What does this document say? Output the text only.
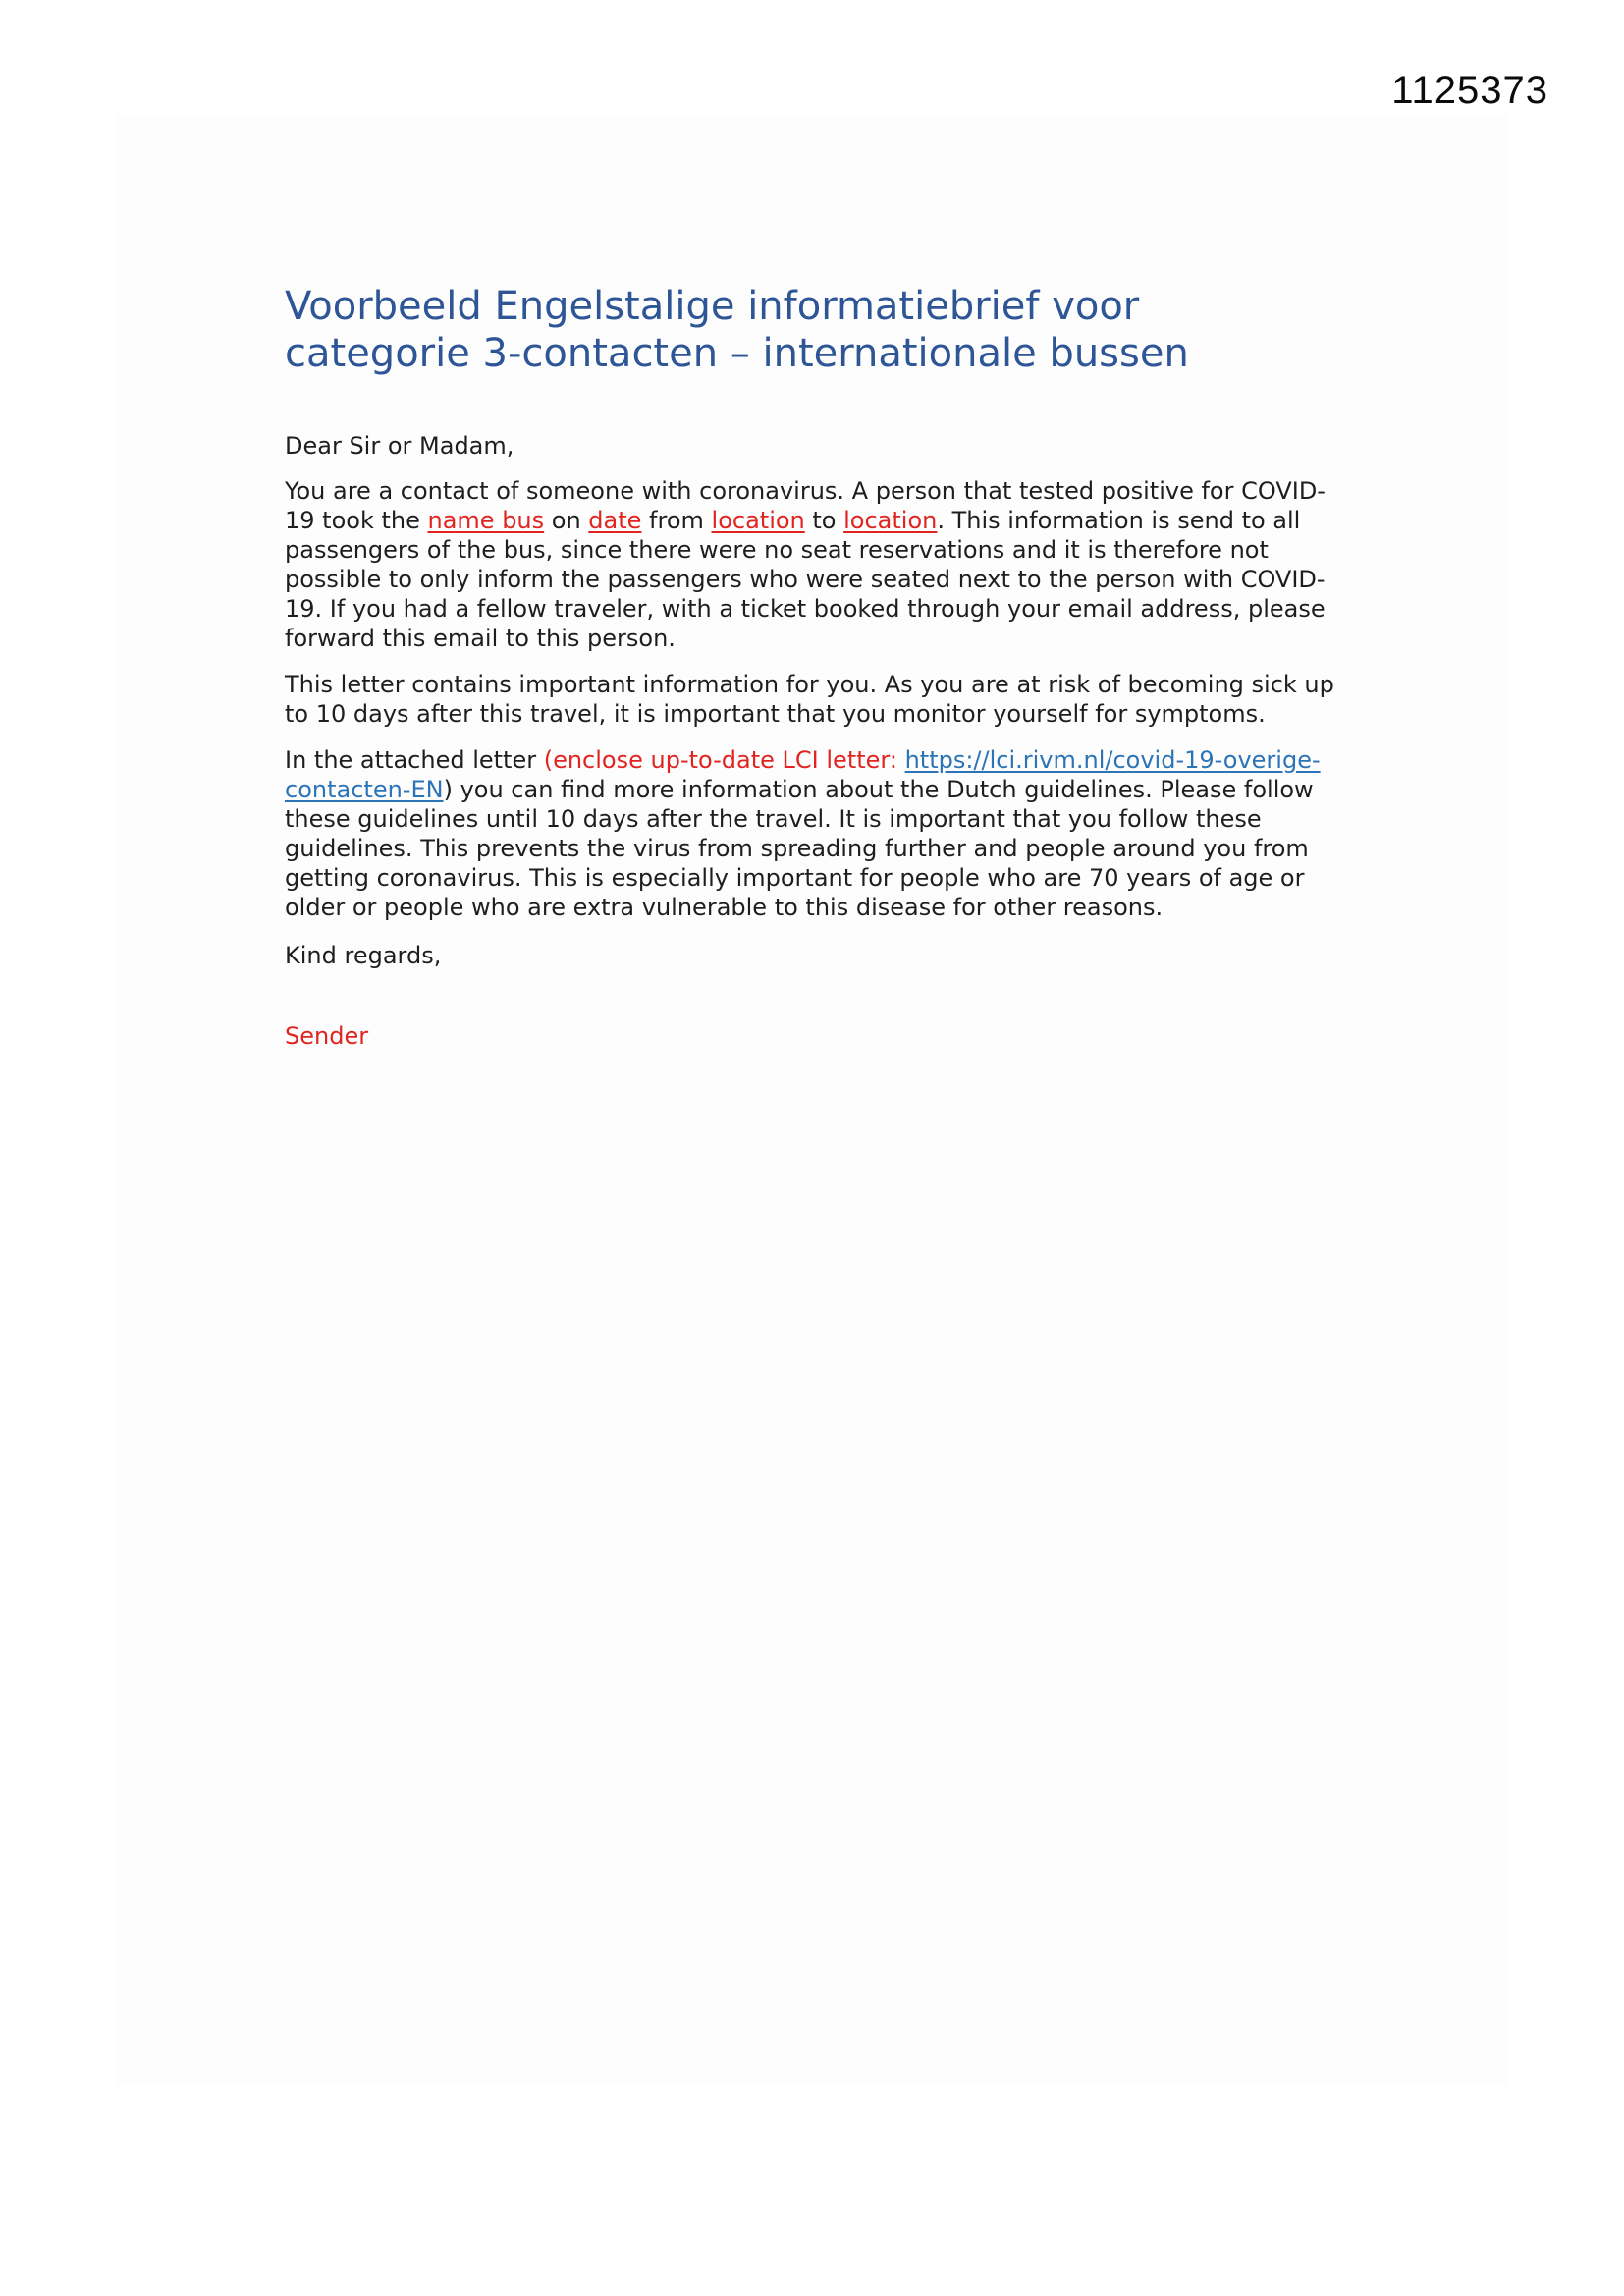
1125373
Voorbeeld Engelstalige informatiebrief voor
categorie 3-contacten – internationale bussen

Dear Sir or Madam,

You are a contact of someone with coronavirus. A person that tested positive for COVID-19 took the name bus on date from location to location. This information is send to all passengers of the bus, since there were no seat reservations and it is therefore not possible to only inform the passengers who were seated next to the person with COVID-19. If you had a fellow traveler, with a ticket booked through your email address, please forward this email to this person.

This letter contains important information for you. As you are at risk of becoming sick up to 10 days after this travel, it is important that you monitor yourself for symptoms.

In the attached letter (enclose up-to-date LCI letter: https://lci.rivm.nl/covid-19-overige-contacten-EN) you can find more information about the Dutch guidelines. Please follow these guidelines until 10 days after the travel. It is important that you follow these guidelines. This prevents the virus from spreading further and people around you from getting coronavirus. This is especially important for people who are 70 years of age or older or people who are extra vulnerable to this disease for other reasons.

Kind regards,

Sender
